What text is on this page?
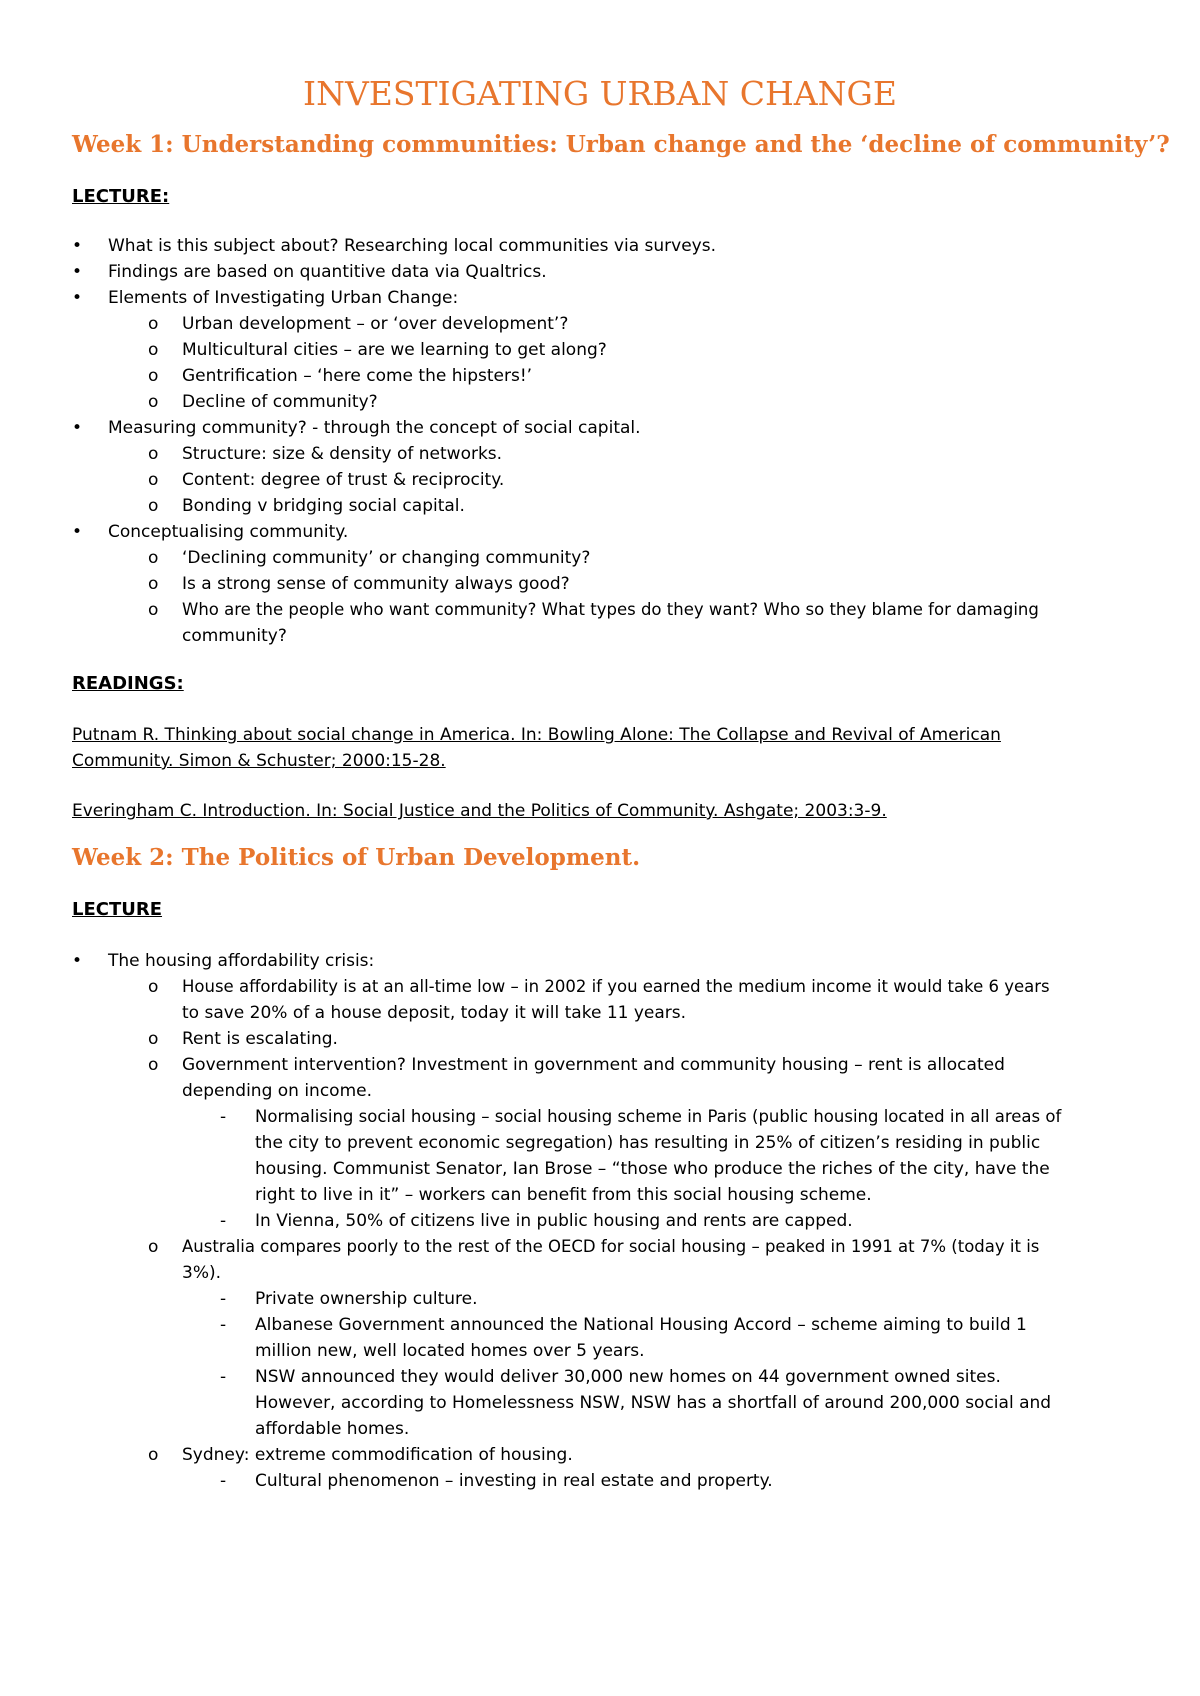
INVESTIGATING URBAN CHANGE
Week 1: Understanding communities: Urban change and the ‘decline of community’?
LECTURE:
• What is this subject about? Researching local communities via surveys.
• Findings are based on quantitive data via Qualtrics.
• Elements of Investigating Urban Change:
o Urban development – or ‘over development’?
o Multicultural cities – are we learning to get along?
o Gentrification – ‘here come the hipsters!’
o Decline of community?
• Measuring community? - through the concept of social capital.
o Structure: size & density of networks.
o Content: degree of trust & reciprocity.
o Bonding v bridging social capital.
• Conceptualising community.
o ‘Declining community’ or changing community?
o Is a strong sense of community always good?
o Who are the people who want community? What types do they want? Who so they blame for damaging
community?
READINGS:
Putnam R. Thinking about social change in America. In: Bowling Alone: The Collapse and Revival of American
Community. Simon & Schuster; 2000:15-28.
Everingham C. Introduction. In: Social Justice and the Politics of Community. Ashgate; 2003:3-9.
Week 2: The Politics of Urban Development.
LECTURE
• The housing affordability crisis:
o House affordability is at an all-time low – in 2002 if you earned the medium income it would take 6 years
to save 20% of a house deposit, today it will take 11 years.
o Rent is escalating.
o Government intervention? Investment in government and community housing – rent is allocated
depending on income.
- Normalising social housing – social housing scheme in Paris (public housing located in all areas of
the city to prevent economic segregation) has resulting in 25% of citizen’s residing in public
housing. Communist Senator, Ian Brose – “those who produce the riches of the city, have the
right to live in it” – workers can benefit from this social housing scheme.
- In Vienna, 50% of citizens live in public housing and rents are capped.
o Australia compares poorly to the rest of the OECD for social housing – peaked in 1991 at 7% (today it is
3%).
- Private ownership culture.
- Albanese Government announced the National Housing Accord – scheme aiming to build 1
million new, well located homes over 5 years.
- NSW announced they would deliver 30,000 new homes on 44 government owned sites.
However, according to Homelessness NSW, NSW has a shortfall of around 200,000 social and
affordable homes.
o Sydney: extreme commodification of housing.
- Cultural phenomenon – investing in real estate and property.
